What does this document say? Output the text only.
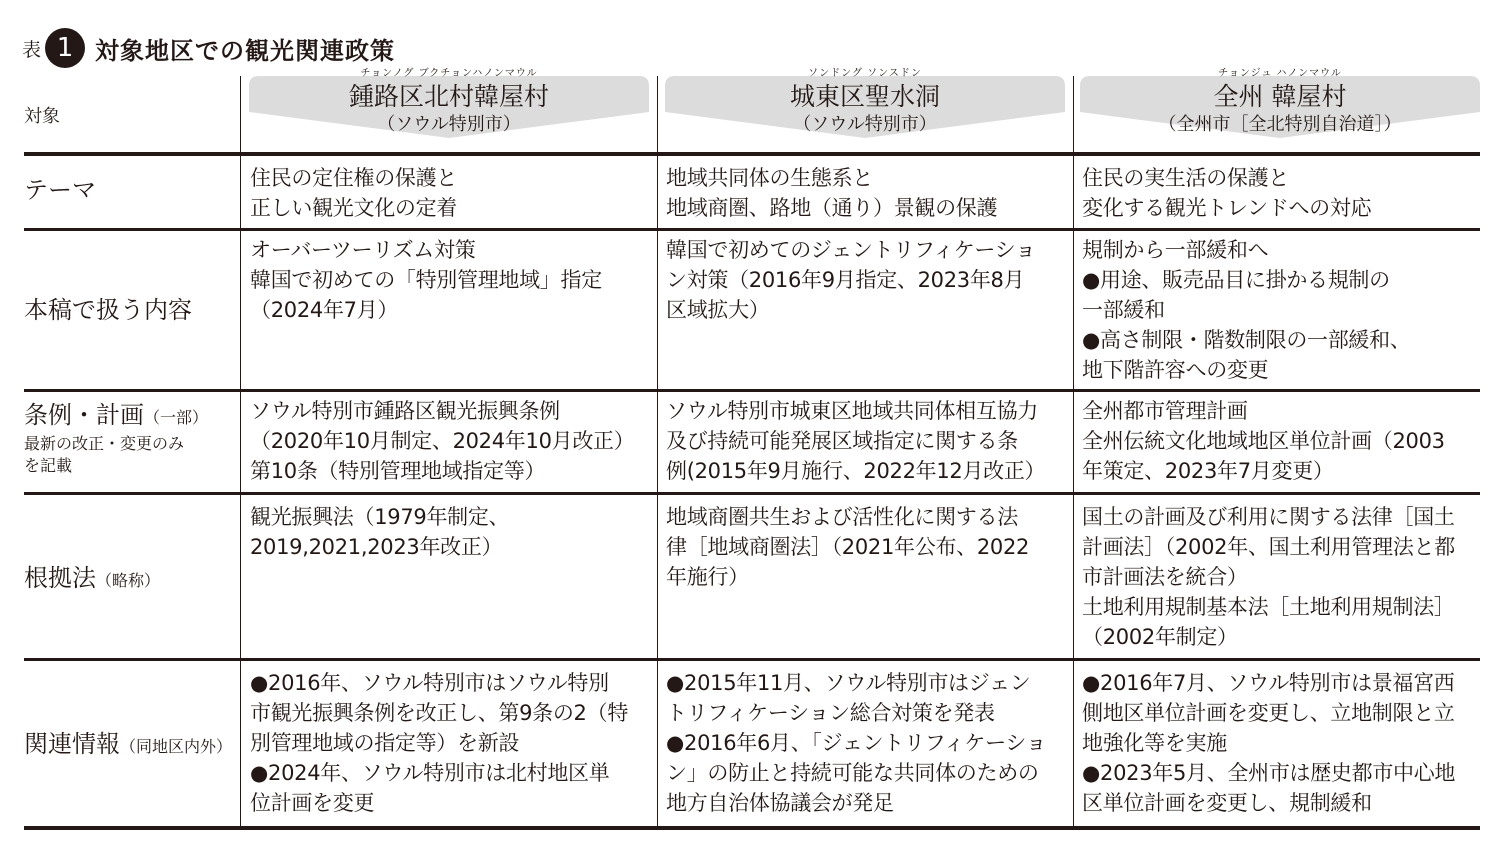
表 1 対象地区での観光関連政策
対象
チョンノグ ブクチョンハノンマウル
鍾路区北村韓屋村
（ソウル特別市）
ソンドング ソンスドン
城東区聖水洞
（ソウル特別市）
チョンジュ ハノンマウル
全州 韓屋村
（全州市［全北特別自治道］）
テーマ	住民の定住権の保護と
正しい観光文化の定着
地域共同体の生態系と
地域商圏、路地（通り）景観の保護
住民の実生活の保護と
変化する観光トレンドへの対応
本稿で扱う内容
オーバーツーリズム対策
韓国で初めての「特別管理地域」指定
（2024年7月）
韓国で初めてのジェントリフィケーショ
ン対策（2016年9月指定、2023年8月
区域拡大）
規制から一部緩和へ
●用途、販売品目に掛かる規制の
一部緩和
●高さ制限・階数制限の一部緩和、
地下階許容への変更
条例・計画（一部）
最新の改正・変更のみ
を記載
ソウル特別市鍾路区観光振興条例
（2020年10月制定、2024年10月改正）
第10条（特別管理地域指定等）
ソウル特別市城東区地域共同体相互協力
及び持続可能発展区域指定に関する条
例(2015年9月施行、2022年12月改正）
全州都市管理計画
全州伝統文化地域地区単位計画（2003
年策定、2023年7月変更）
根拠法（略称）
観光振興法（1979年制定、
2019,2021,2023年改正）
地域商圏共生および活性化に関する法
律［地域商圏法］（2021年公布、2022
年施行）
国土の計画及び利用に関する法律［国土
計画法］（2002年、国土利用管理法と都
市計画法を統合）
土地利用規制基本法［土地利用規制法］
（2002年制定）
関連情報（同地区内外）
●2016年、ソウル特別市はソウル特別
市観光振興条例を改正し、第9条の2（特
別管理地域の指定等）を新設
●2024年、ソウル特別市は北村地区単
位計画を変更
●2015年11月、ソウル特別市はジェン
トリフィケーション総合対策を発表
●2016年6月、「ジェントリフィケーショ
ン」の防止と持続可能な共同体のための
地方自治体協議会が発足
●2016年7月、ソウル特別市は景福宮西
側地区単位計画を変更し、立地制限と立
地強化等を実施
●2023年5月、全州市は歴史都市中心地
区単位計画を変更し、規制緩和
